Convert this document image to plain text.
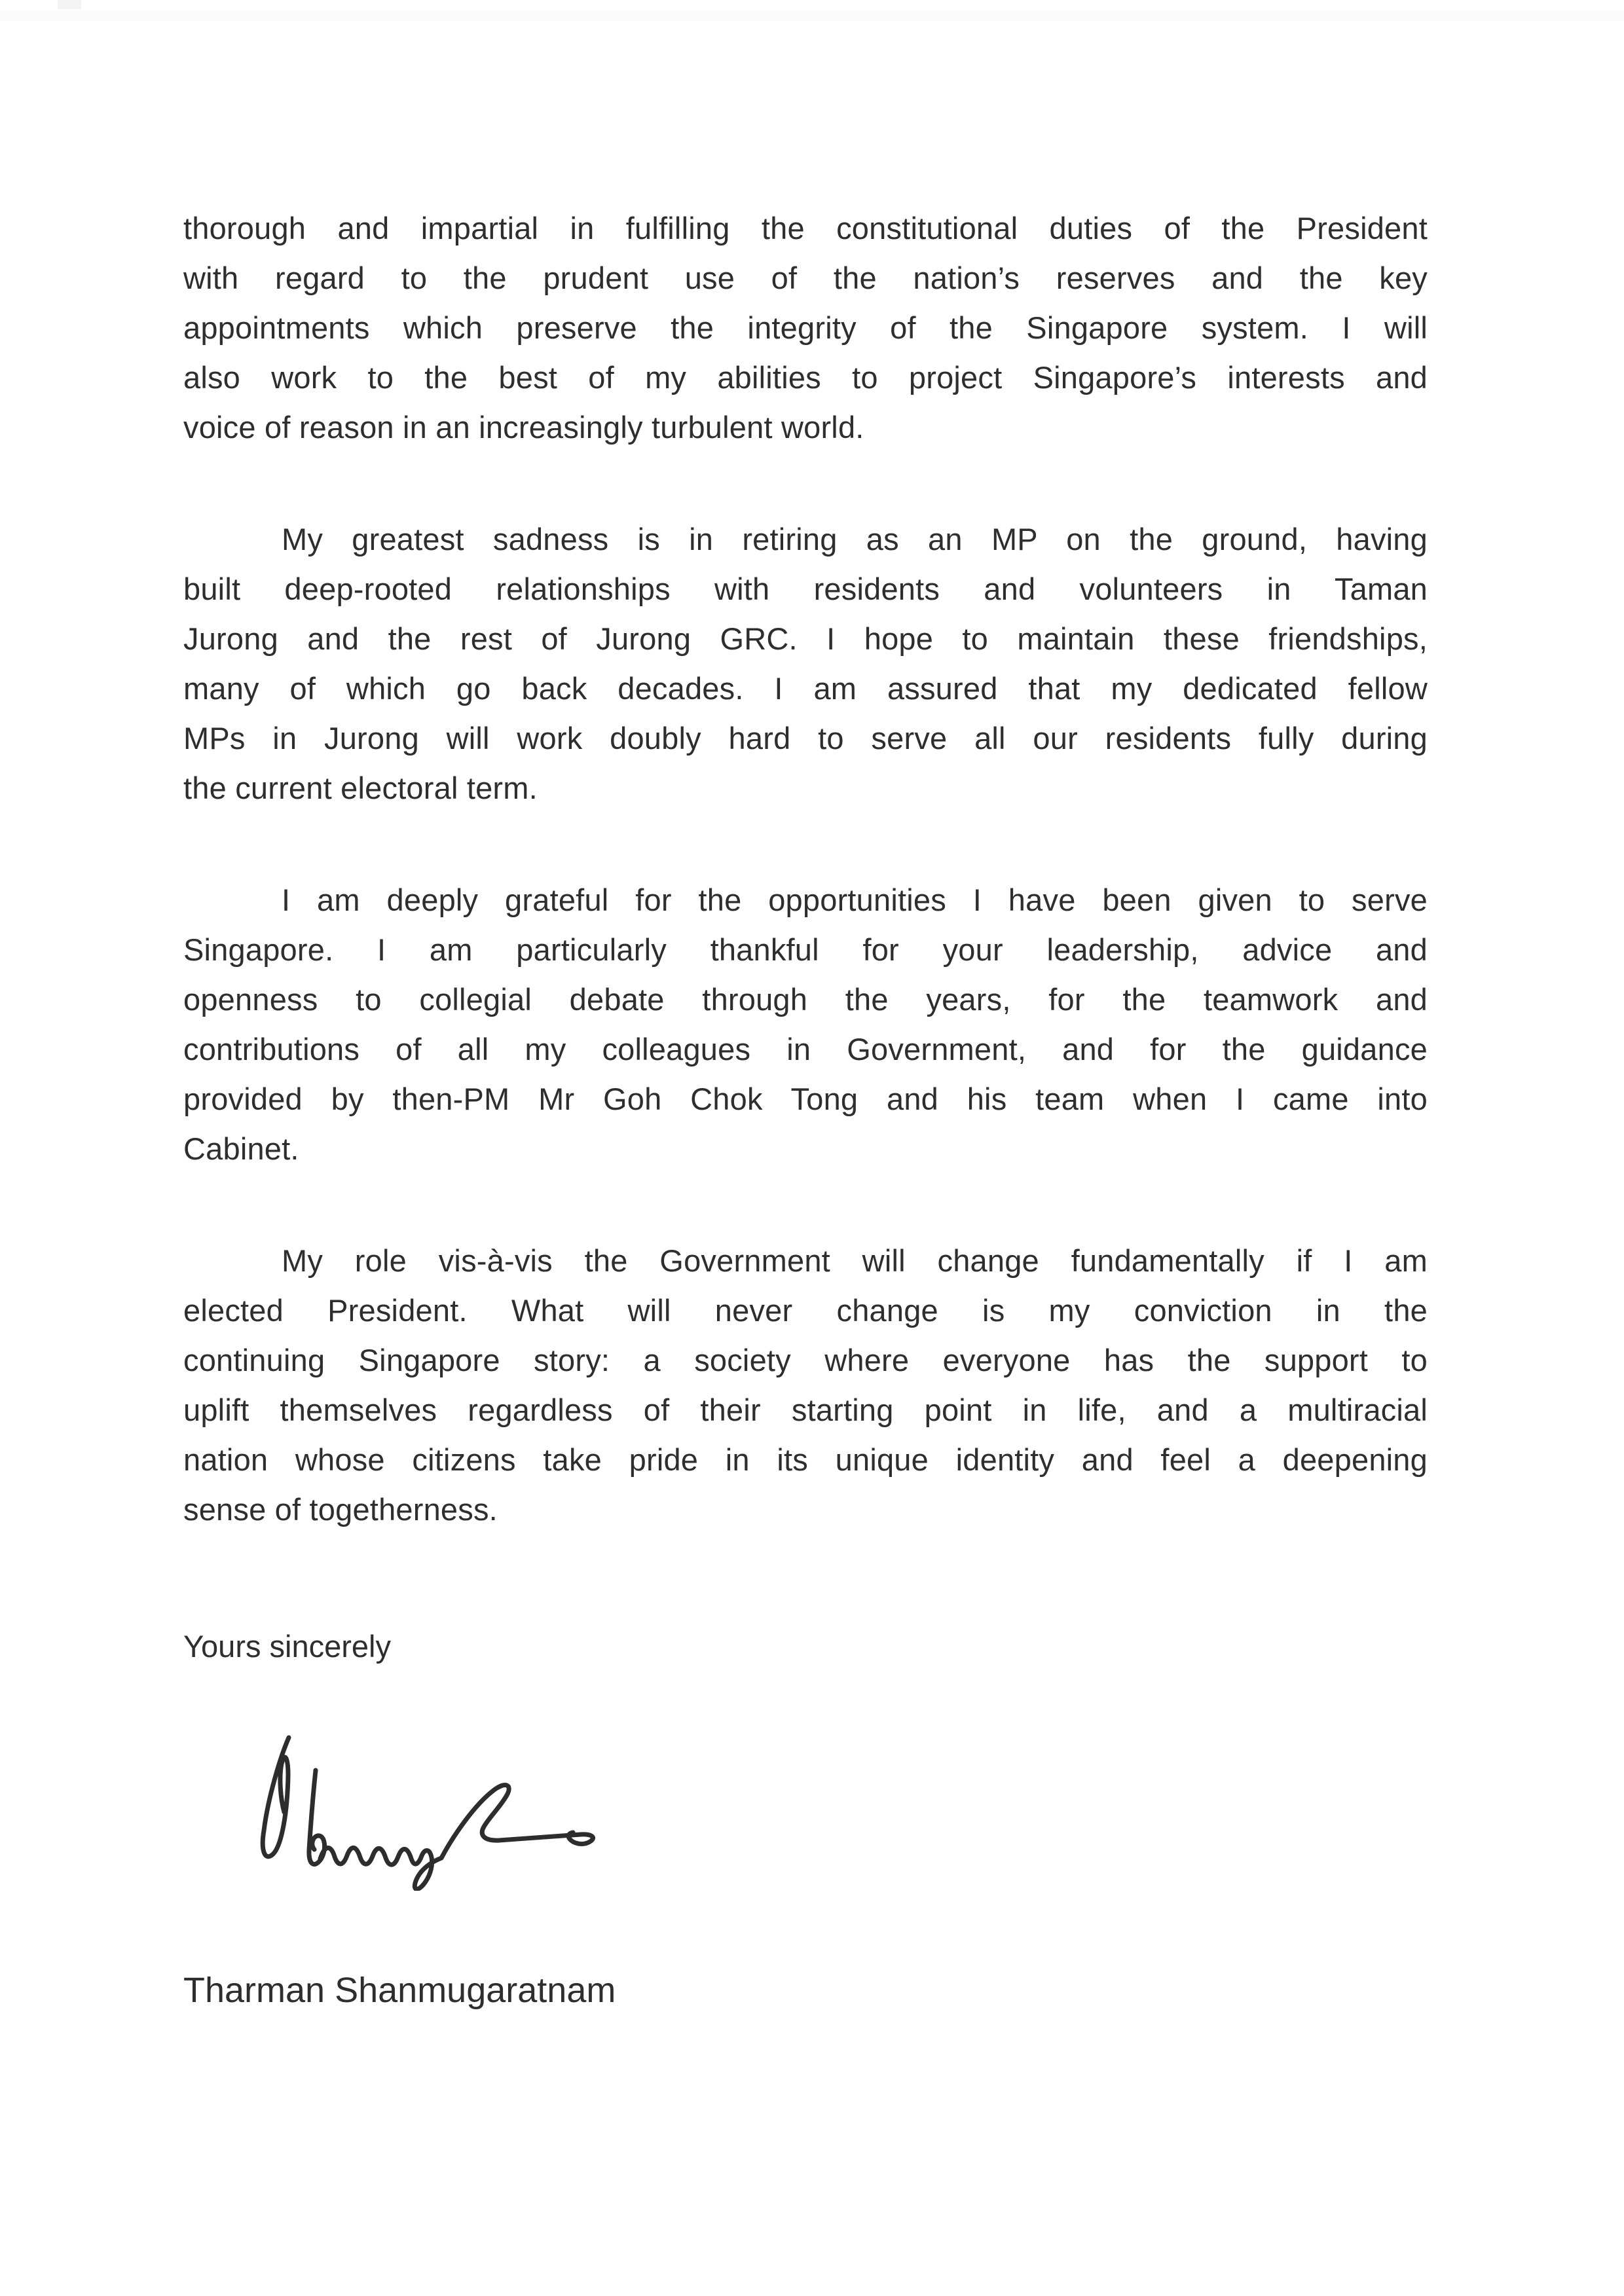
thorough and impartial in fulfilling the constitutional duties of the President
with regard to the prudent use of the nation’s reserves and the key
appointments which preserve the integrity of the Singapore system. I will
also work to the best of my abilities to project Singapore’s interests and
voice of reason in an increasingly turbulent world.
My greatest sadness is in retiring as an MP on the ground, having
built deep-rooted relationships with residents and volunteers in Taman
Jurong and the rest of Jurong GRC. I hope to maintain these friendships,
many of which go back decades. I am assured that my dedicated fellow
MPs in Jurong will work doubly hard to serve all our residents fully during
the current electoral term.
I am deeply grateful for the opportunities I have been given to serve
Singapore. I am particularly thankful for your leadership, advice and
openness to collegial debate through the years, for the teamwork and
contributions of all my colleagues in Government, and for the guidance
provided by then-PM Mr Goh Chok Tong and his team when I came into
Cabinet.
My role vis-à-vis the Government will change fundamentally if I am
elected President. What will never change is my conviction in the
continuing Singapore story: a society where everyone has the support to
uplift themselves regardless of their starting point in life, and a multiracial
nation whose citizens take pride in its unique identity and feel a deepening
sense of togetherness.
Yours sincerely
Tharman Shanmugaratnam
